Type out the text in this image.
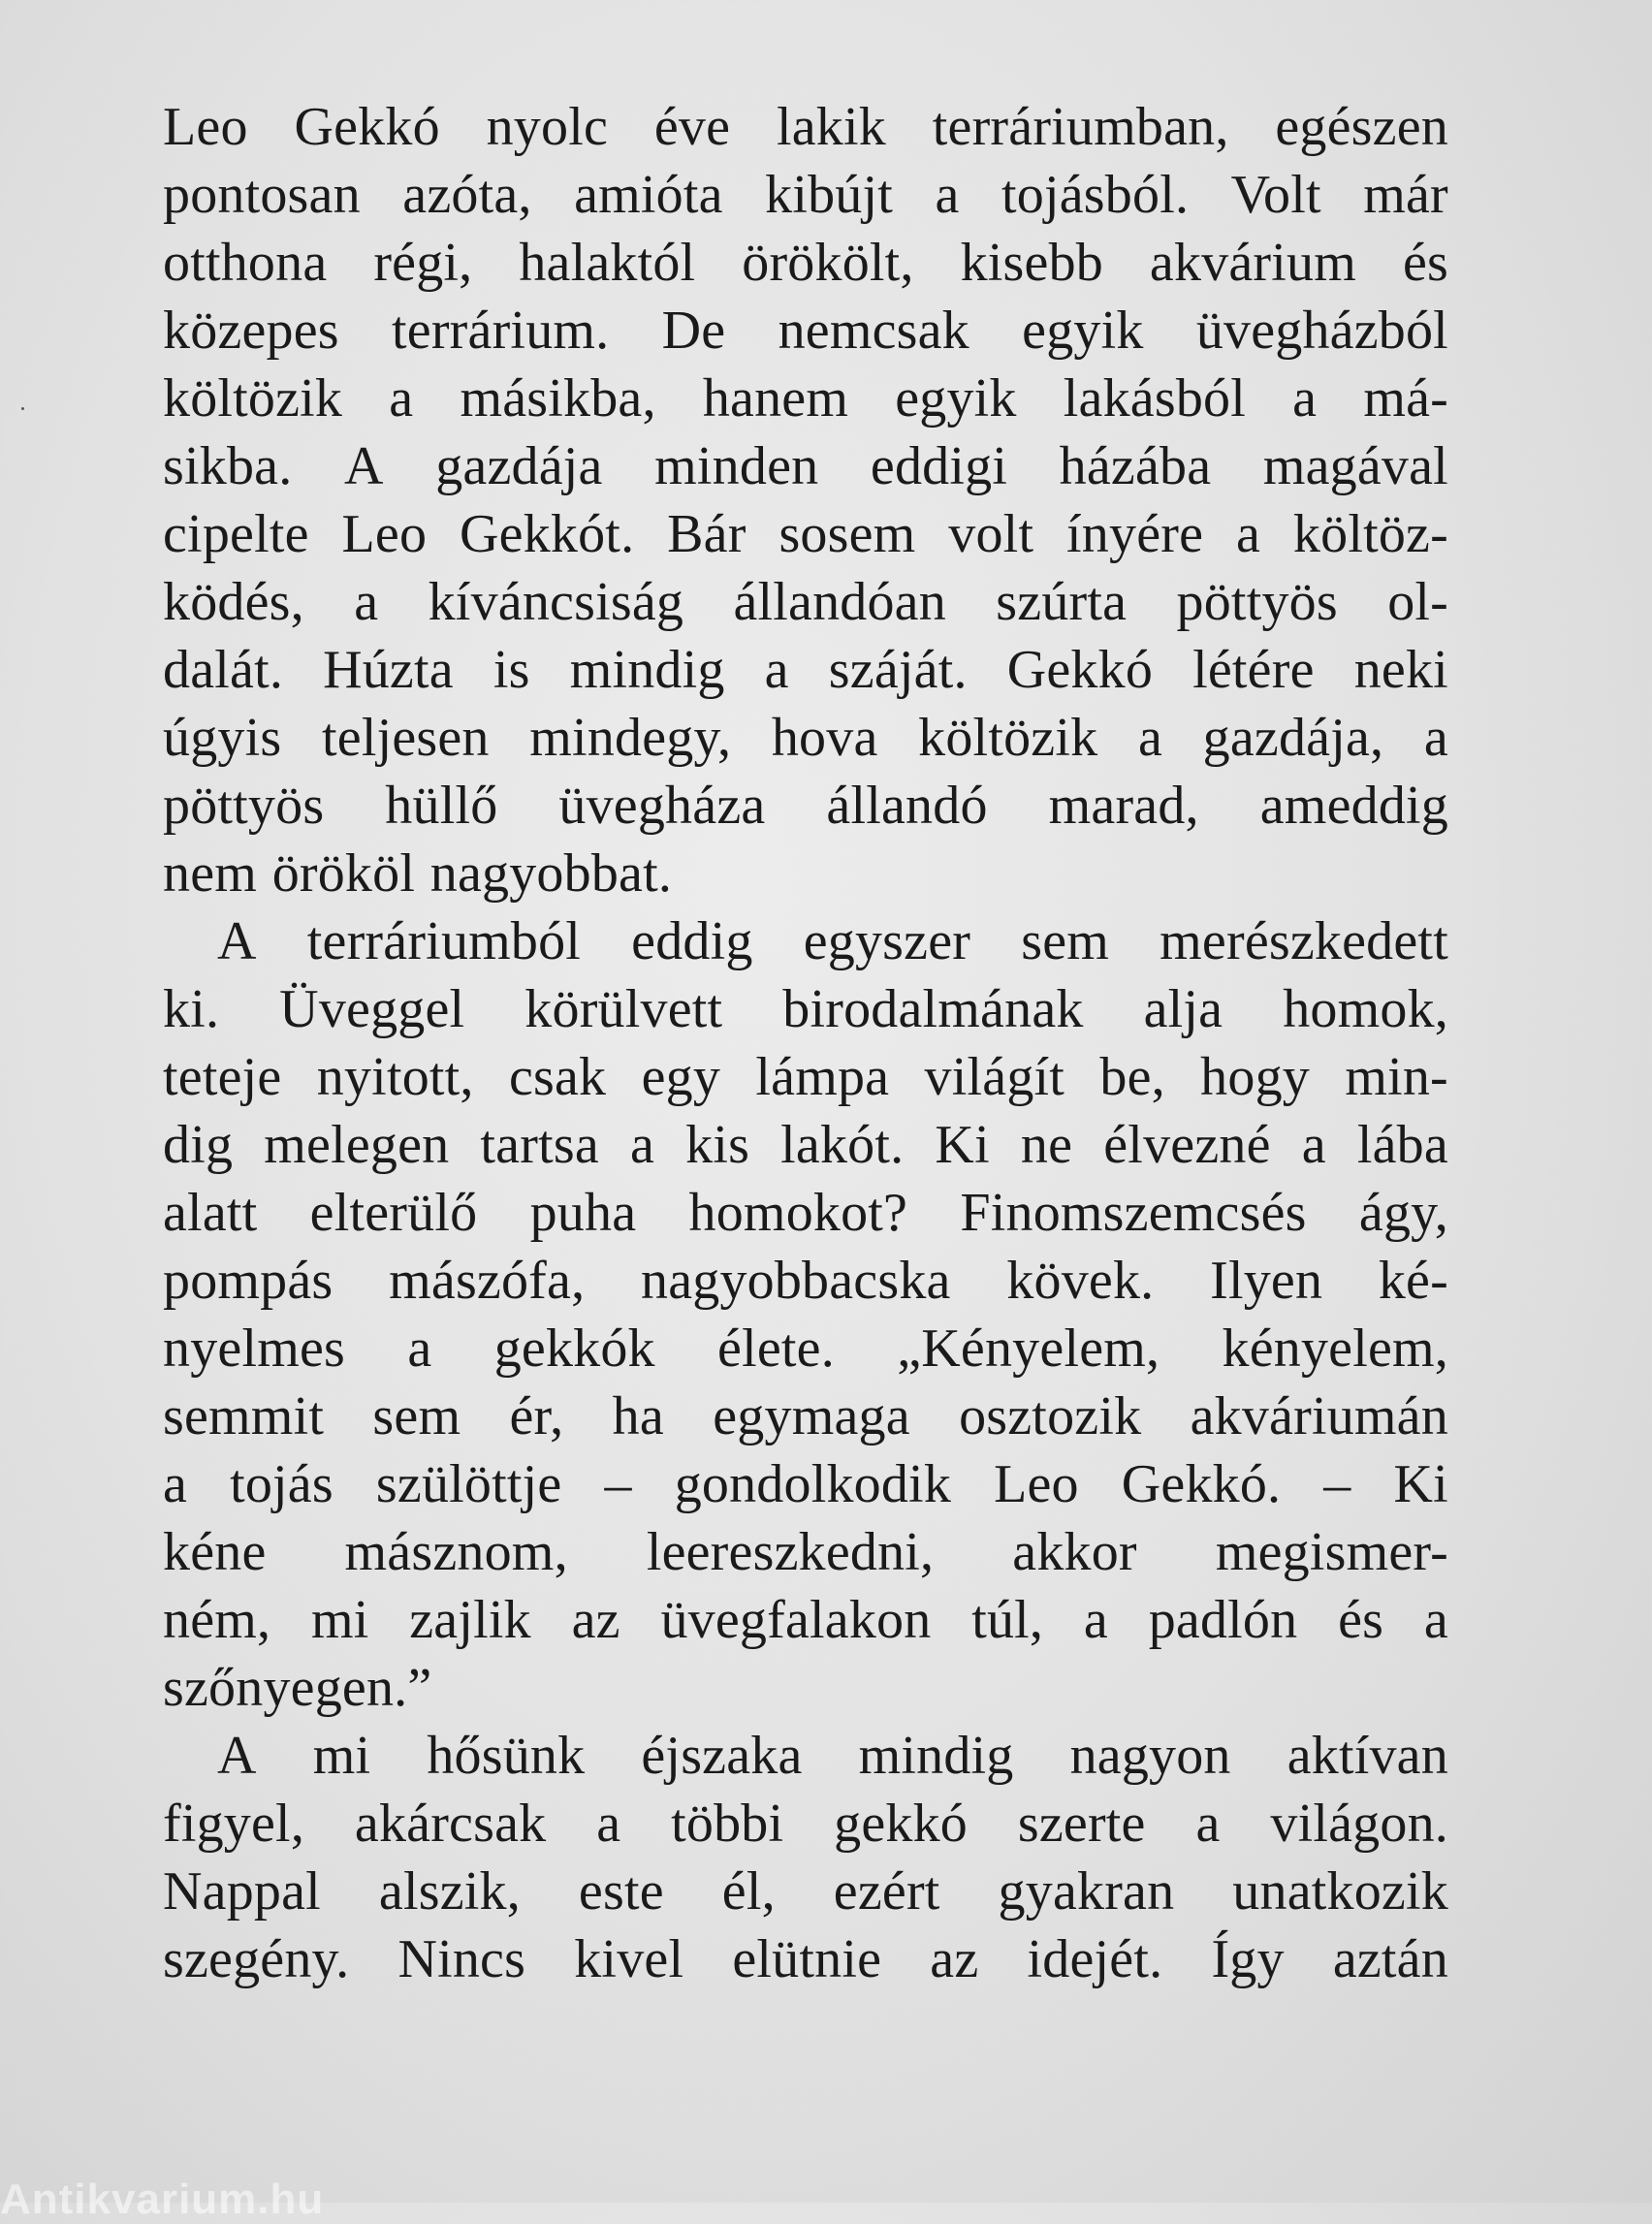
Leo Gekkó nyolc éve lakik terráriumban, egészen
pontosan azóta, amióta kibújt a tojásból. Volt már
otthona régi, halaktól örökölt, kisebb akvárium és
közepes terrárium. De nemcsak egyik üvegházból
költözik a másikba, hanem egyik lakásból a má-
sikba. A gazdája minden eddigi házába magával
cipelte Leo Gekkót. Bár sosem volt ínyére a költöz-
ködés, a kíváncsiság állandóan szúrta pöttyös ol-
dalát. Húzta is mindig a száját. Gekkó létére neki
úgyis teljesen mindegy, hova költözik a gazdája, a
pöttyös hüllő üvegháza állandó marad, ameddig
nem örököl nagyobbat.
A terráriumból eddig egyszer sem merészkedett
ki. Üveggel körülvett birodalmának alja homok,
teteje nyitott, csak egy lámpa világít be, hogy min-
dig melegen tartsa a kis lakót. Ki ne élvezné a lába
alatt elterülő puha homokot? Finomszemcsés ágy,
pompás mászófa, nagyobbacska kövek. Ilyen ké-
nyelmes a gekkók élete. „Kényelem, kényelem,
semmit sem ér, ha egymaga osztozik akváriumán
a tojás szülöttje – gondolkodik Leo Gekkó. – Ki
kéne másznom, leereszkedni, akkor megismer-
ném, mi zajlik az üvegfalakon túl, a padlón és a
szőnyegen.”
A mi hősünk éjszaka mindig nagyon aktívan
figyel, akárcsak a többi gekkó szerte a világon.
Nappal alszik, este él, ezért gyakran unatkozik
szegény. Nincs kivel elütnie az idejét. Így aztán
Antikvarium.hu
